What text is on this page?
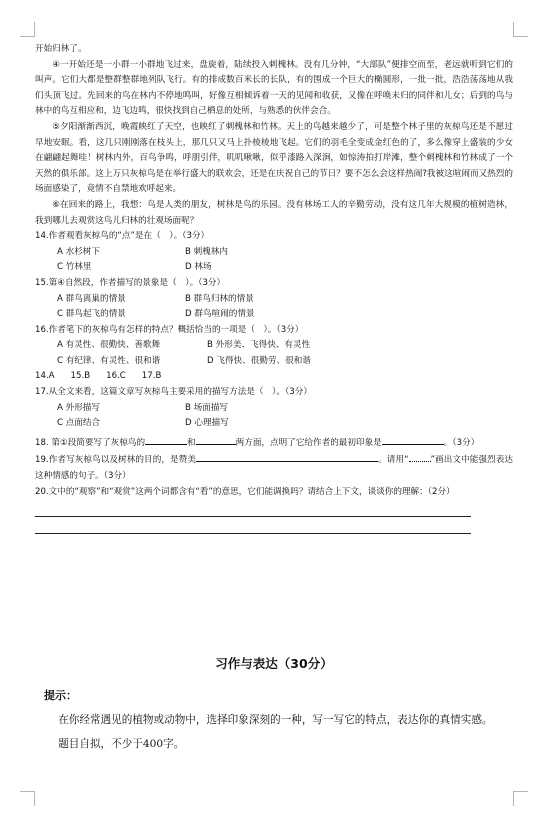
开始归林了。

④一开始还是一小群一小群地飞过来，盘旋着，陆续投入刺槐林。没有几分钟，“大部队”便排空而至，老远就听到它们的叫声。它们大都是整群整群地列队飞行。有的排成数百米长的长队，有的围成一个巨大的椭圆形，一批一批，浩浩荡荡地从我们头顶飞过。先回来的鸟在林内不停地鸣叫，好像互相倾诉着一天的见闻和收获，又像在呼唤未归的同伴和儿女；后到的鸟与林中的鸟互相应和，边飞边鸣，很快找到自己栖息的处所，与熟悉的伙伴会合。

⑤夕阳渐渐西沉，晚霞映红了天空，也映红了刺槐林和竹林。天上的鸟越来越少了，可是整个林子里的灰椋鸟还是不愿过早地安眠。看，这几只刚刚落在枝头上，那几只又马上扑棱棱地飞起。它们的羽毛全变成金红色的了，多么像穿上盛装的少女在翩翩起舞哇！树林内外，百鸟争鸣，呼朋引伴，叽叽啾啾，似乎漆路入深涧，如惊涛拍打岸滩，整个刺槐林和竹林成了一个天然的俱乐部。这上万只灰椋鸟是在举行盛大的联欢会，还是在庆祝自己的节日？要不怎么会这样热闹?我被这喧闹而又热烈的场面感染了，竟情不自禁地欢呼起来。

⑥在回来的路上，我想：鸟是人类的朋友，树林是鸟的乐园。没有林场工人的辛勤劳动，没有这几年大规模的植树造林，我到哪儿去观赏这鸟儿归林的壮观场面呢？

14.作者观看灰椋鸟的“点”是在（　）。（3分）

A 水杉树下	B 刺槐林内
C 竹林里	D 林场

15.第④自然段，作者描写的景象是（　）。（3分）

A 群鸟离巢的情景	B 群鸟归林的情景
C 群鸟起飞的情景	D 群鸟喧闹的情景

16.作者笔下的灰椋鸟有怎样的特点？概括恰当的一项是（　）。（3分）

A 有灵性、很勤快、善歌舞	B 外形美、飞得快、有灵性
C 有纪律、有灵性、很和谐	D 飞得快、很勤劳、很和谐

14.A 15.B 16.C 17.B

17.从全文来看，这篇文章写灰椋鸟主要采用的描写方法是（　）。（3分）

A 外形描写	B 场面描写
C 点面结合	D 心理描写

18. 第①段简要写了灰椋鸟的	和	两方面，点明了它给作者的最初印象是	。（3分）

19.作者写灰椋鸟以及树林的目的，是赞美	。请用“	”画出文中能强烈表达这种情感的句子。（3分）

20.文中的“观察”和“观赏”这两个词都含有“看”的意思，它们能调换吗？请结合上下文，谈谈你的理解：（2分）

习作与表达（30分）
提示：

在你经常遇见的植物或动物中，选择印象深刻的一种，写一写它的特点，表达你的真情实感。

题目自拟，不少于400字。
